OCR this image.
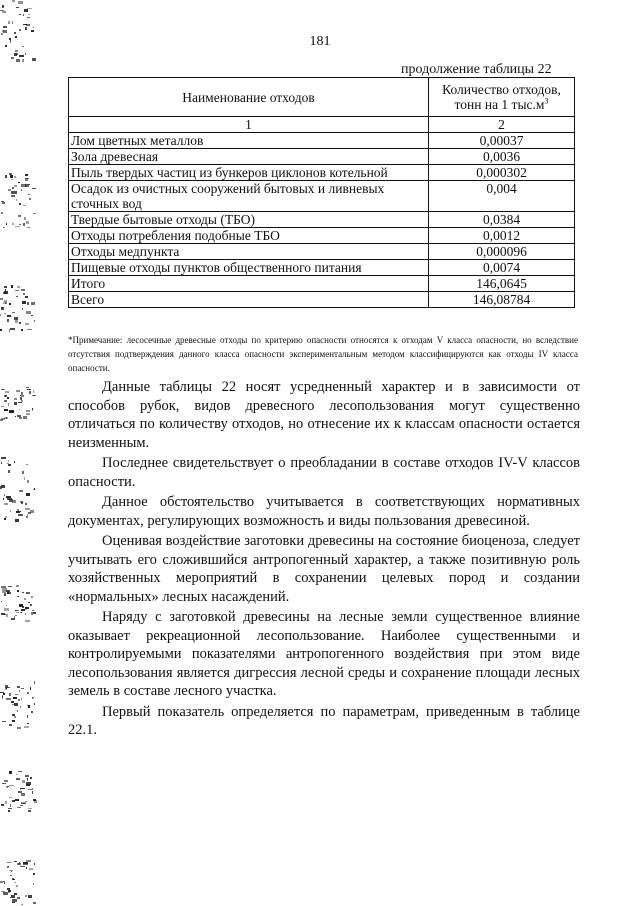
181
продолжение таблицы 22
Наименование отходов	Количество отходов,
тонн на 1 $тыс.м^3$
1	2
Лом цветных металлов	0,00037
Зола древесная	0,0036
Пыль твердых частиц из бункеров циклонов котельной	0,000302
Осадок из очистных сооружений бытовых и ливневых сточных вод	0,004
Твердые бытовые отходы (ТБО)	0,0384
Отходы потребления подобные ТБО	0,0012
Отходы медпункта	0,000096
Пищевые отходы пунктов общественного питания	0,0074
Итого	146,0645
Всего	146,08784
*Примечание: лесосечные древесные отходы по критерию опасности относятся к отходам V класса опасности, но вследствие отсутствия подтверждения данного класса опасности экспериментальным методом классифицируются как отходы IV класса опасности.

Данные таблицы 22 носят усредненный характер и в зависимости от способов рубок, видов древесного лесопользования могут существенно отличаться по количеству отходов, но отнесение их к классам опасности остается неизменным.

Последнее свидетельствует о преобладании в составе отходов IV-V классов опасности.

Данное обстоятельство учитывается в соответствующих нормативных документах, регулирующих возможность и виды пользования древесиной.

Оценивая воздействие заготовки древесины на состояние биоценоза, следует учитывать его сложившийся антропогенный характер, а также позитивную роль хозяйственных мероприятий в сохранении целевых пород и создании «нормальных» лесных насаждений.

Наряду с заготовкой древесины на лесные земли существенное влияние оказывает рекреационной лесопользование. Наиболее существенными и контролируемыми показателями антропогенного воздействия при этом виде лесопользования является дигрессия лесной среды и сохранение площади лесных земель в составе лесного участка.

Первый показатель определяется по параметрам, приведенным в таблице 22.1.
